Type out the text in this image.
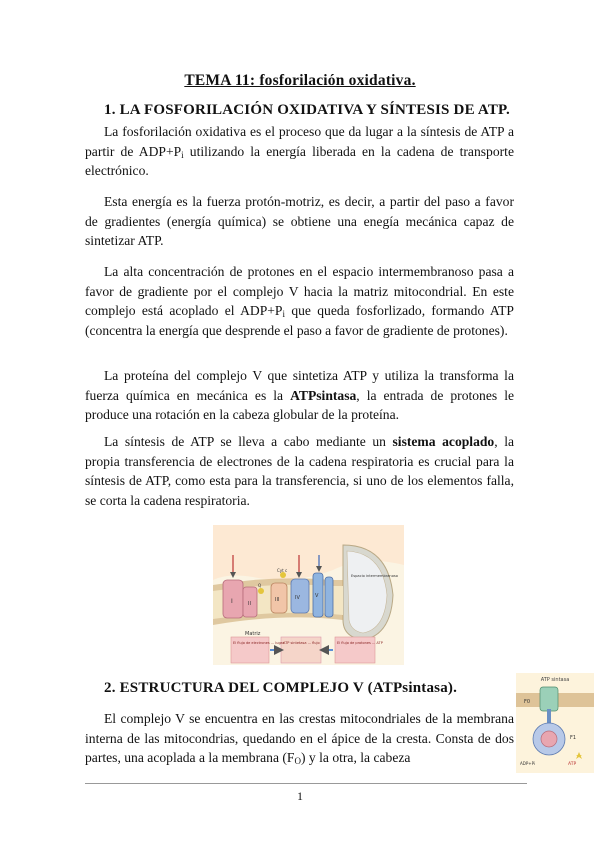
TEMA 11: fosforilación oxidativa.
1. LA FOSFORILACIÓN OXIDATIVA Y SÍNTESIS DE ATP.

La fosforilación oxidativa es el proceso que da lugar a la síntesis de ATP a partir de $ADP+P_i$ utilizando la energía liberada en la cadena de transporte electrónico.

Esta energía es la fuerza protón-motriz, es decir, a partir del paso a favor de gradientes (energía química) se obtiene una enegía mecánica capaz de sintetizar ATP.

La alta concentración de protones en el espacio intermembranoso pasa a favor de gradiente por el complejo V hacia la matriz mitocondrial. En este complejo está acoplado el $ADP+P_i$ que queda fosforlizado, formando ATP (concentra la energía que desprende el paso a favor de gradiente de protones).

La proteína del complejo V que sintetiza ATP y utiliza la transforma la fuerza química en mecánica es la ATPsintasa, la entrada de protones le produce una rotación en la cabeza globular de la proteína.

La síntesis de ATP se lleva a cabo mediante un sistema acoplado, la propia transferencia de electrones de la cadena respiratoria es crucial para la síntesis de ATP, como esta para la transferencia, si uno de los elementos falla, se corta la cadena respiratoria.

I	II
III	IV	V
Q
Cyt c
Matriz
Espacio intermembranoso
El flujo de electrones ... lugar
ATP sintetasa ... flujo	El flujo de protones ... ATP
2. ESTRUCTURA DEL COMPLEJO V (ATPsintasa).	ATP sintasa
F0
F1
ATP
ADP+Pi

El complejo V se encuentra en las crestas mitocondriales de la membrana interna de las mitocondrias, quedando en el ápice de la cresta. Consta de dos partes, una acoplada a la membrana $(F_O)$ y la otra, la cabeza

1
